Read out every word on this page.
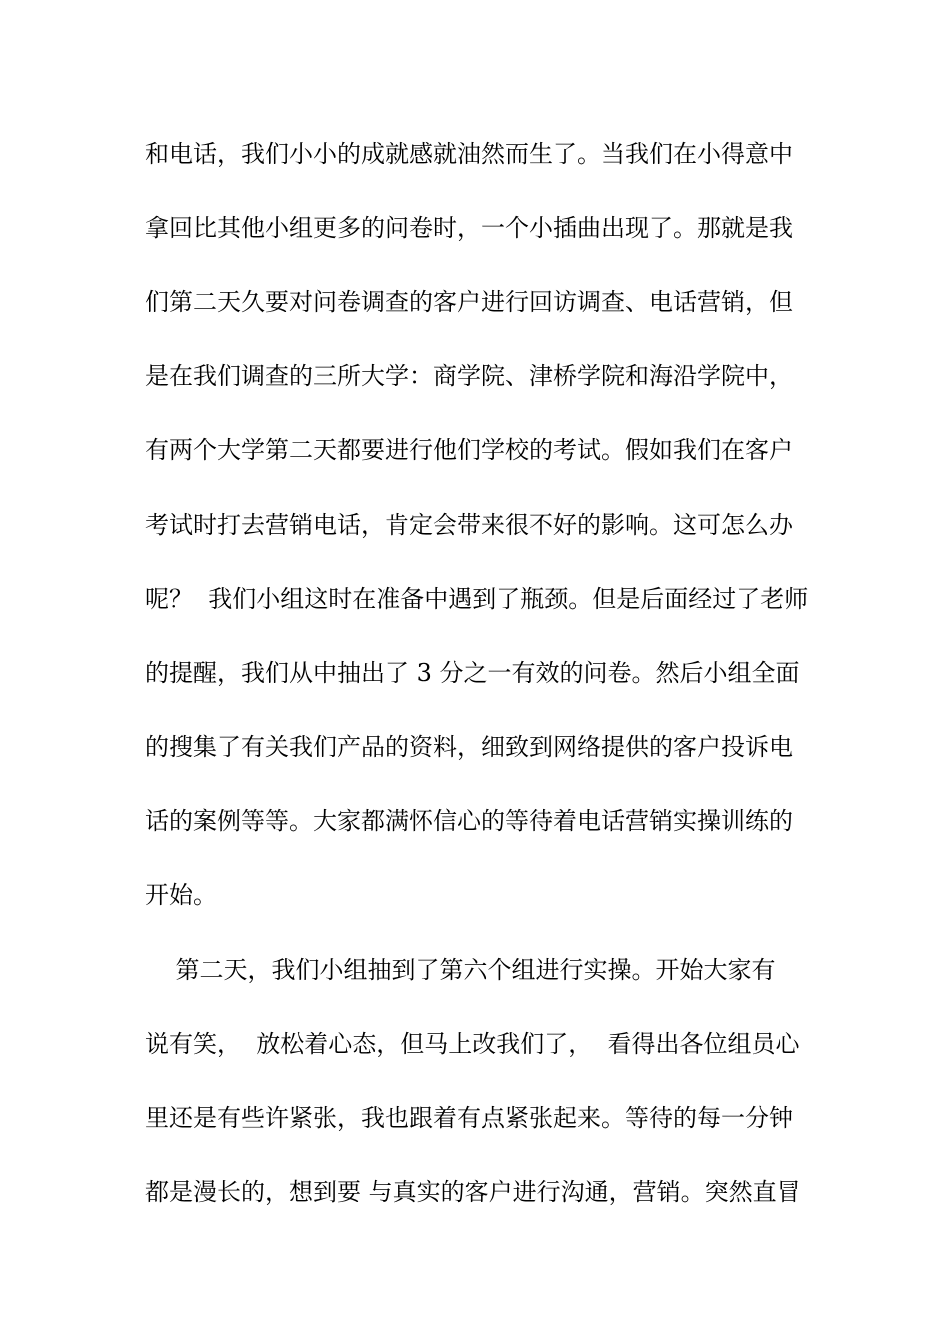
和电话，我们小小的成就感就油然而生了。当我们在小得意中
拿回比其他小组更多的问卷时，一个小插曲出现了。那就是我
们第二天久要对问卷调查的客户进行回访调查、电话营销，但
是在我们调查的三所大学：商学院、津桥学院和海沿学院中，
有两个大学第二天都要进行他们学校的考试。假如我们在客户
考试时打去营销电话，肯定会带来很不好的影响。这可怎么办
呢？  我们小组这时在准备中遇到了瓶颈。但是后面经过了老师
的提醒，我们从中抽出了 3 分之一有效的问卷。然后小组全面
的搜集了有关我们产品的资料，细致到网络提供的客户投诉电
话的案例等等。大家都满怀信心的等待着电话营销实操训练的
开始。
第二天，我们小组抽到了第六个组进行实操。开始大家有
说有笑，  放松着心态，但马上改我们了，  看得出各位组员心
里还是有些许紧张，我也跟着有点紧张起来。等待的每一分钟
都是漫长的，想到要 与真实的客户进行沟通，营销。突然直冒
